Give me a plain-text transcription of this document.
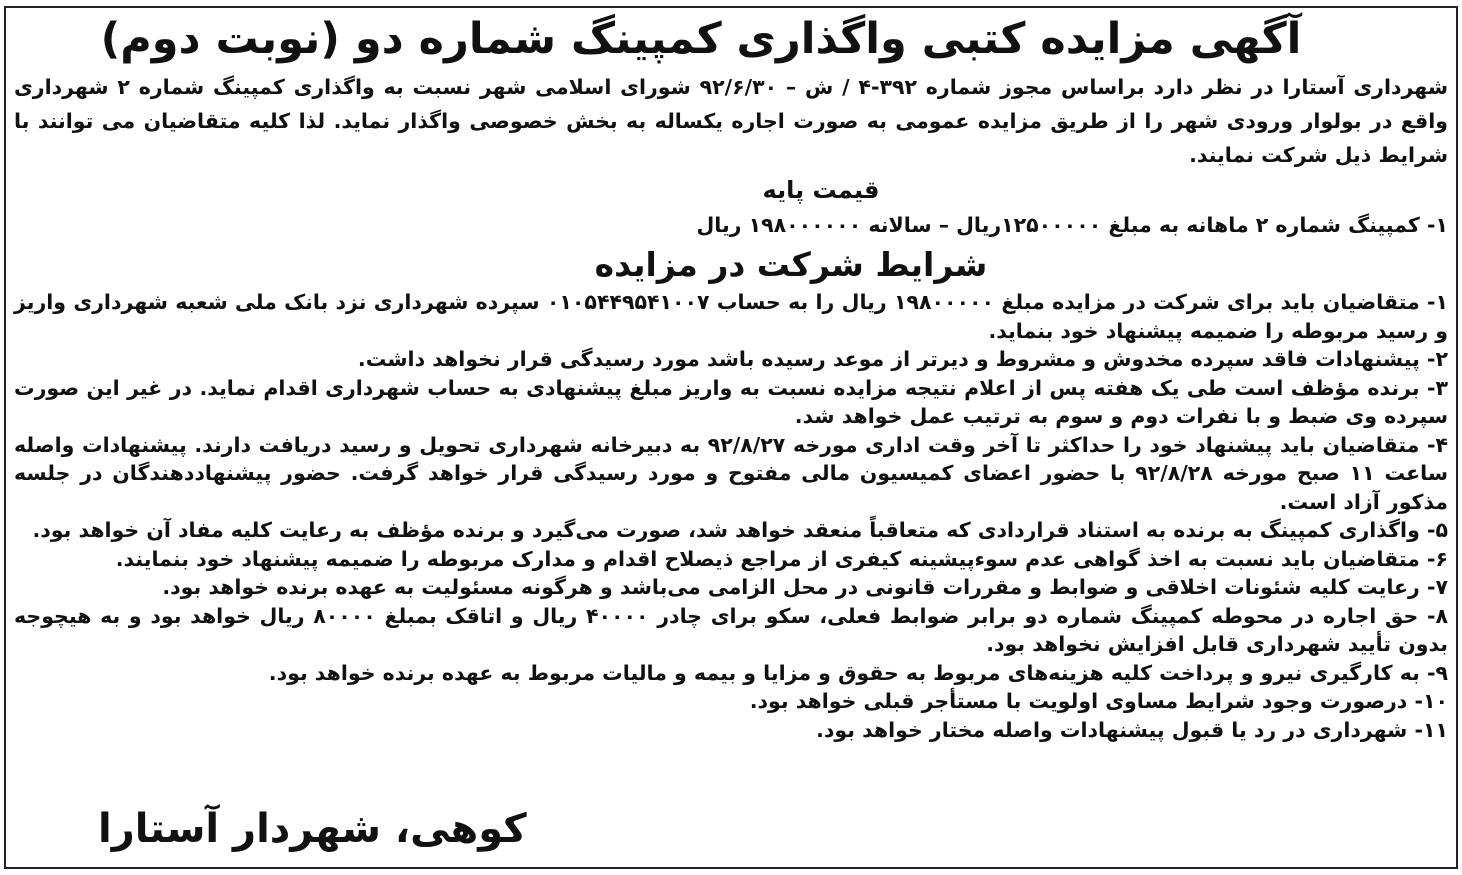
آگهی مزایده کتبی واگذاری کمپینگ شماره دو (نوبت دوم)

شهرداری آستارا در نظر دارد براساس مجوز شماره ۳۹۲-۴ / ش – ۹۲/۶/۳۰ شورای اسلامی شهر نسبت به واگذاری کمپینگ شماره ۲ شهرداری واقع در بولوار ورودی شهر را از طریق مزایده عمومی به صورت اجاره یکساله به بخش خصوصی واگذار نماید. لذا کلیه متقاضیان می توانند با شرایط ذیل شرکت نمایند.

قیمت پایه

۱- کمپینگ شماره ۲ ماهانه به مبلغ ۱۲۵۰۰۰۰۰ریال – سالانه ۱۹۸۰۰۰۰۰۰ ریال

شرایط شرکت در مزایده
۱- متقاضیان باید برای شرکت در مزایده مبلغ ۱۹۸۰۰۰۰۰ ریال را به حساب ۰۱۰۵۴۴۹۵۴۱۰۰۷ سپرده شهرداری نزد بانک ملی شعبه شهرداری واریز و رسید مربوطه را ضمیمه پیشنهاد خود بنماید.
۲- پیشنهادات فاقد سپرده مخدوش و مشروط و دیرتر از موعد رسیده باشد مورد رسیدگی قرار نخواهد داشت.
۳- برنده مؤظف است طی یک هفته پس از اعلام نتیجه مزایده نسبت به واریز مبلغ پیشنهادی به حساب شهرداری اقدام نماید. در غیر این صورت سپرده وی ضبط و با نفرات دوم و سوم به ترتیب عمل خواهد شد.
۴- متقاضیان باید پیشنهاد خود را حداکثر تا آخر وقت اداری مورخه ۹۲/۸/۲۷ به دبیرخانه شهرداری تحویل و رسید دریافت دارند. پیشنهادات واصله ساعت ۱۱ صبح مورخه ۹۲/۸/۲۸ با حضور اعضای کمیسیون مالی مفتوح و مورد رسیدگی قرار خواهد گرفت. حضور پیشنهاددهندگان در جلسه مذکور آزاد است.
۵- واگذاری کمپینگ به برنده به استناد قراردادی که متعاقباً منعقد خواهد شد، صورت می‌گیرد و برنده مؤظف به رعایت کلیه مفاد آن خواهد بود.
۶- متقاضیان باید نسبت به اخذ گواهی عدم سوءپیشینه کیفری از مراجع ذیصلاح اقدام و مدارک مربوطه را ضمیمه پیشنهاد خود بنمایند.
۷- رعایت کلیه شئونات اخلاقی و ضوابط و مقررات قانونی در محل الزامی می‌باشد و هرگونه مسئولیت به عهده برنده خواهد بود.
۸- حق اجاره در محوطه کمپینگ شماره دو برابر ضوابط فعلی، سکو برای چادر ۴۰۰۰۰ ریال و اتاقک بمبلغ ۸۰۰۰۰ ریال خواهد بود و به هیچوجه بدون تأیید شهرداری قابل افزایش نخواهد بود.
۹- به کارگیری نیرو و پرداخت کلیه هزینه‌های مربوط به حقوق و مزایا و بیمه و مالیات مربوط به عهده برنده خواهد بود.
۱۰- درصورت وجود شرایط مساوی اولویت با مستأجر قبلی خواهد بود.
۱۱- شهرداری در رد یا قبول پیشنهادات واصله مختار خواهد بود.
کوهی، شهردار آستارا
